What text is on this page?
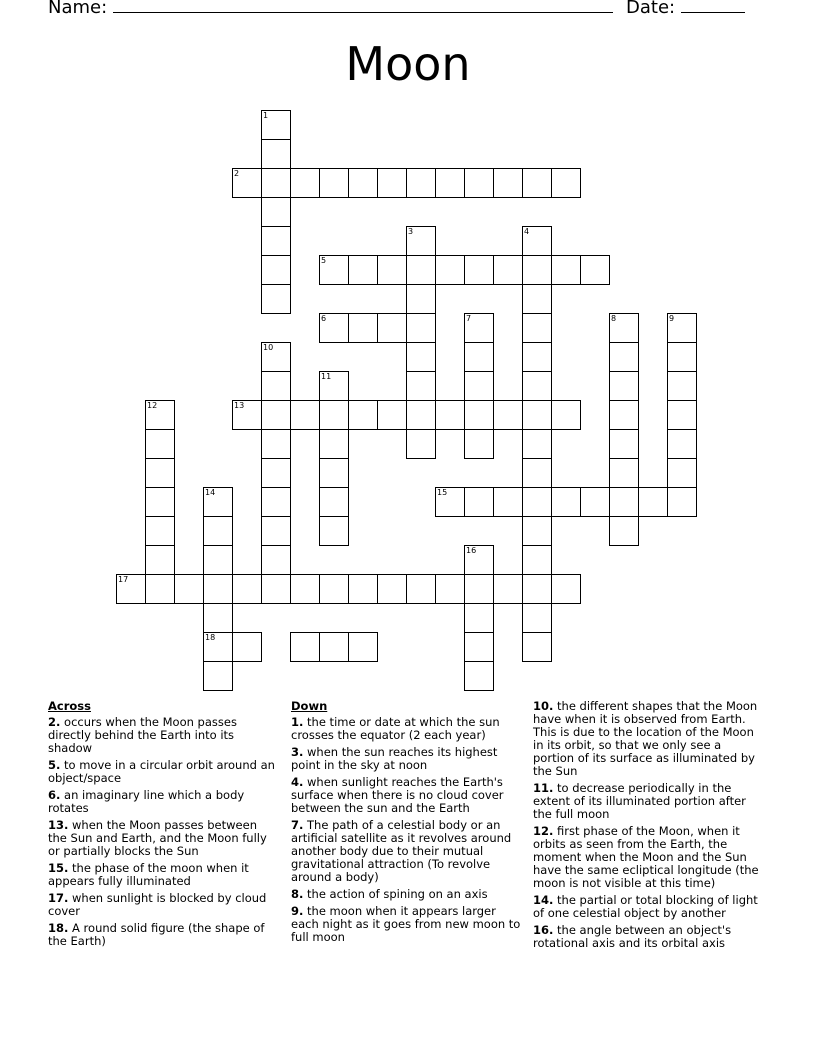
Name:	Date:
Moon
1
2
3	4
5
6	7	8	9
10
11
12	13
14	15
16
17
18
Across
2. occurs when the Moon passes directly behind the Earth into its shadow
5. to move in a circular orbit around an object/space
6. an imaginary line which a body rotates
13. when the Moon passes between the Sun and Earth, and the Moon fully or partially blocks the Sun
15. the phase of the moon when it appears fully illuminated
17. when sunlight is blocked by cloud cover
18. A round solid figure (the shape of the Earth)
Down
1. the time or date at which the sun crosses the equator (2 each year)
3. when the sun reaches its highest point in the sky at noon
4. when sunlight reaches the Earth's surface when there is no cloud cover between the sun and the Earth
7. The path of a celestial body or an artificial satellite as it revolves around another body due to their mutual gravitational attraction (To revolve around a body)
8. the action of spining on an axis
9. the moon when it appears larger each night as it goes from new moon to full moon
10. the different shapes that the Moon have when it is observed from Earth. This is due to the location of the Moon in its orbit, so that we only see a portion of its surface as illuminated by the Sun
11. to decrease periodically in the extent of its illuminated portion after the full moon
12. first phase of the Moon, when it orbits as seen from the Earth, the moment when the Moon and the Sun have the same ecliptical longitude (the moon is not visible at this time)
14. the partial or total blocking of light of one celestial object by another
16. the angle between an object's rotational axis and its orbital axis
